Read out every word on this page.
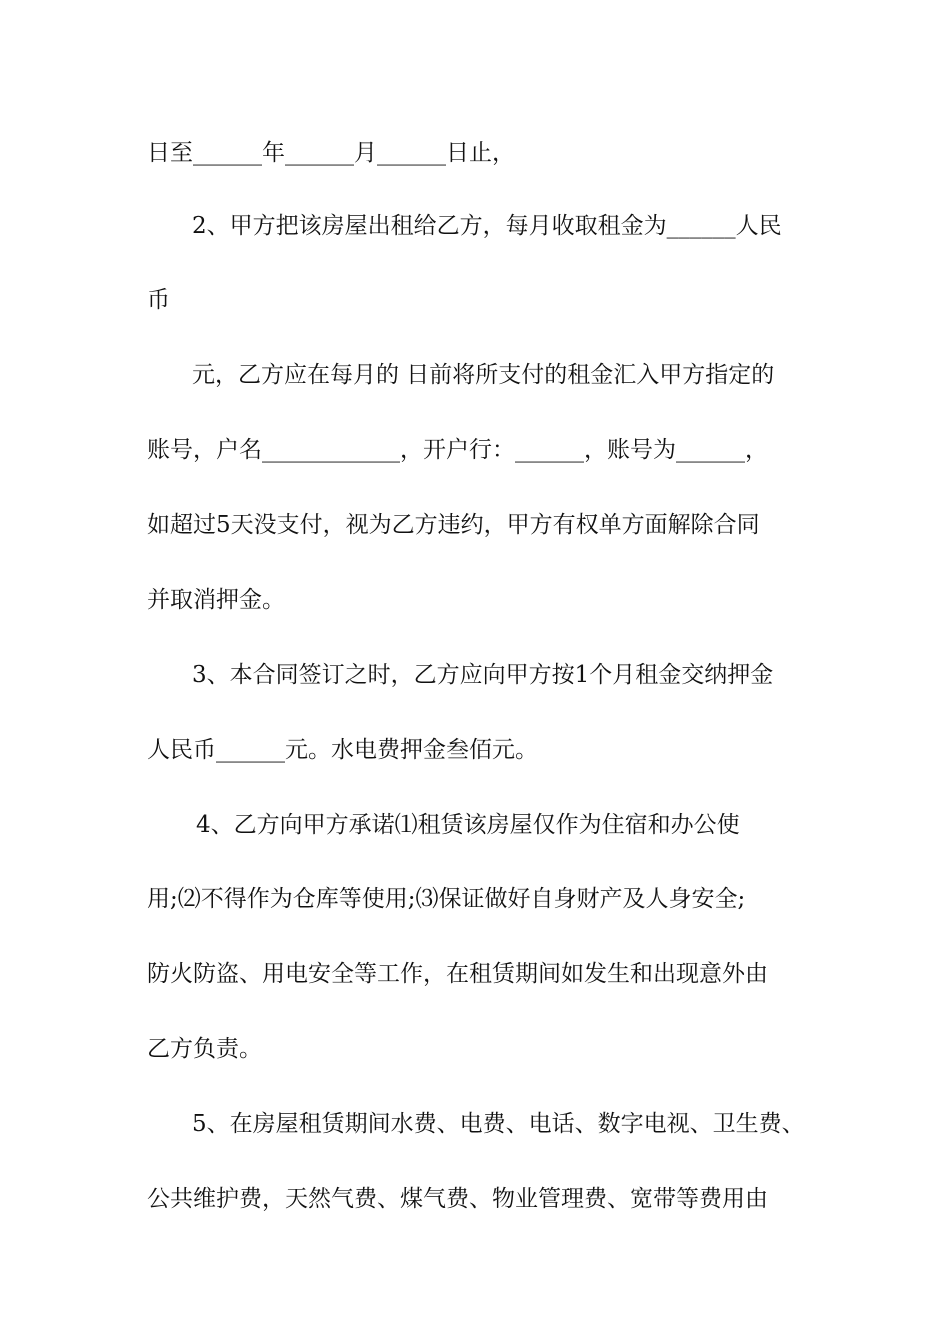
日至______年______月______日止，
2、甲方把该房屋出租给乙方，每月收取租金为______人民
币
元，乙方应在每月的 日前将所支付的租金汇入甲方指定的
账号，户名____________，开户行：______，账号为______，
如超过5天没支付，视为乙方违约，甲方有权单方面解除合同
并取消押金。
3、本合同签订之时，乙方应向甲方按1个月租金交纳押金
人民币______元。水电费押金叁佰元。
4、乙方向甲方承诺⑴租赁该房屋仅作为住宿和办公使
用;⑵不得作为仓库等使用;⑶保证做好自身财产及人身安全;
防火防盗、用电安全等工作，在租赁期间如发生和出现意外由
乙方负责。
5、在房屋租赁期间水费、电费、电话、数字电视、卫生费、
公共维护费，天然气费、煤气费、物业管理费、宽带等费用由
